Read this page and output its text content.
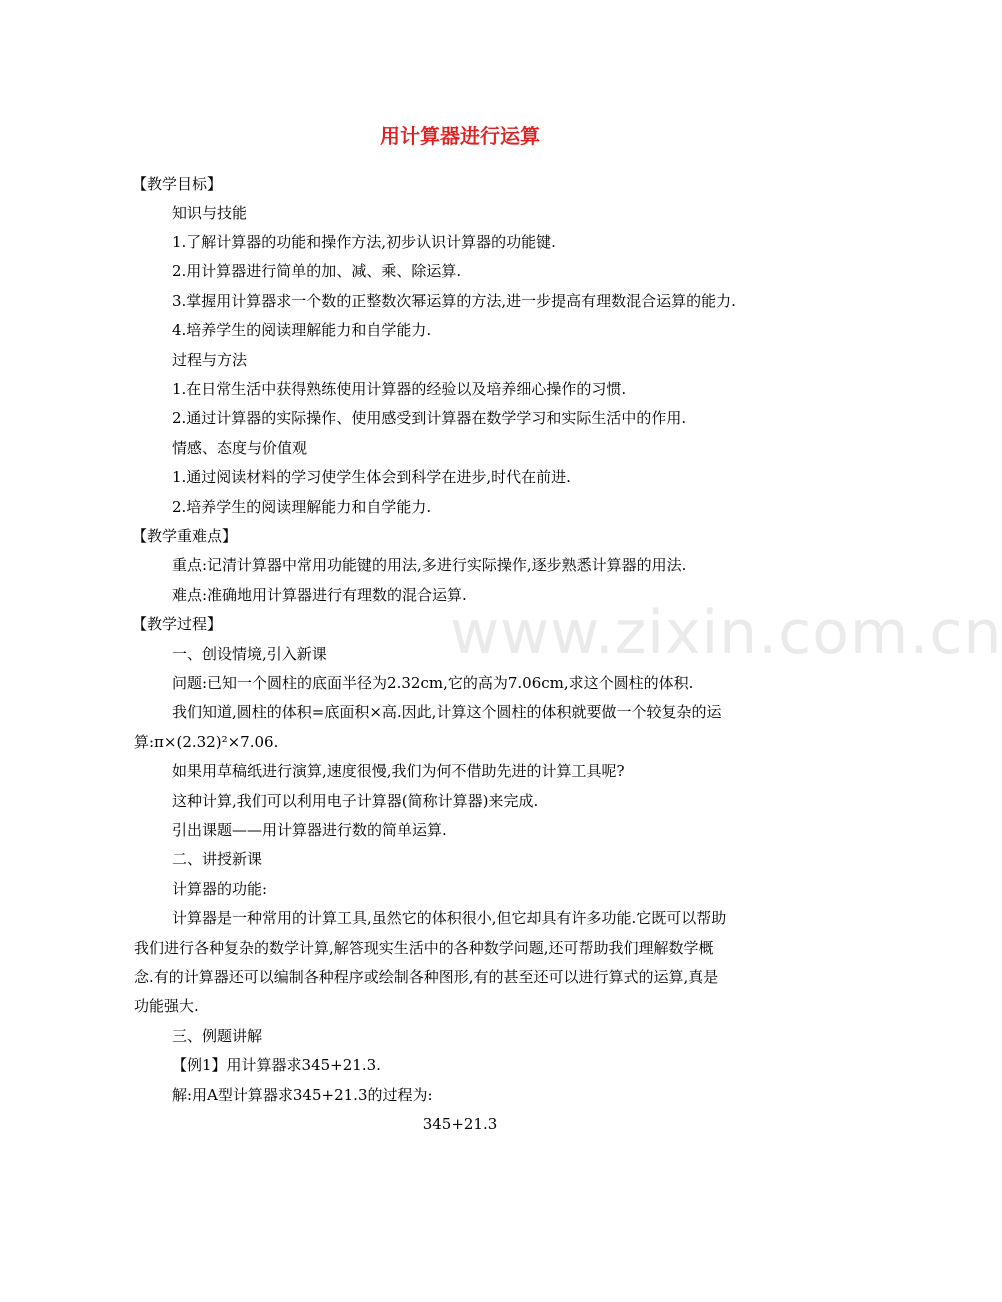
用计算器进行运算
www.zixin.com.cn

【教学目标】

知识与技能

1.了解计算器的功能和操作方法,初步认识计算器的功能键.

2.用计算器进行简单的加、减、乘、除运算.

3.掌握用计算器求一个数的正整数次幂运算的方法,进一步提高有理数混合运算的能力.

4.培养学生的阅读理解能力和自学能力.

过程与方法

1.在日常生活中获得熟练使用计算器的经验以及培养细心操作的习惯.

2.通过计算器的实际操作、使用感受到计算器在数学学习和实际生活中的作用.

情感、态度与价值观

1.通过阅读材料的学习使学生体会到科学在进步,时代在前进.

2.培养学生的阅读理解能力和自学能力.

【教学重难点】

重点:记清计算器中常用功能键的用法,多进行实际操作,逐步熟悉计算器的用法.

难点:准确地用计算器进行有理数的混合运算.

【教学过程】

一、创设情境,引入新课

问题:已知一个圆柱的底面半径为2.32cm,它的高为7.06cm,求这个圆柱的体积.

我们知道,圆柱的体积=底面积×高.因此,计算这个圆柱的体积就要做一个较复杂的运

算:π×(2.32)²×7.06.

如果用草稿纸进行演算,速度很慢,我们为何不借助先进的计算工具呢?

这种计算,我们可以利用电子计算器(简称计算器)来完成.

引出课题——用计算器进行数的简单运算.

二、讲授新课

计算器的功能:

计算器是一种常用的计算工具,虽然它的体积很小,但它却具有许多功能.它既可以帮助

我们进行各种复杂的数学计算,解答现实生活中的各种数学问题,还可帮助我们理解数学概

念.有的计算器还可以编制各种程序或绘制各种图形,有的甚至还可以进行算式的运算,真是

功能强大.

三、例题讲解

【例1】用计算器求345+21.3.

解:用A型计算器求345+21.3的过程为:

345+21.3
